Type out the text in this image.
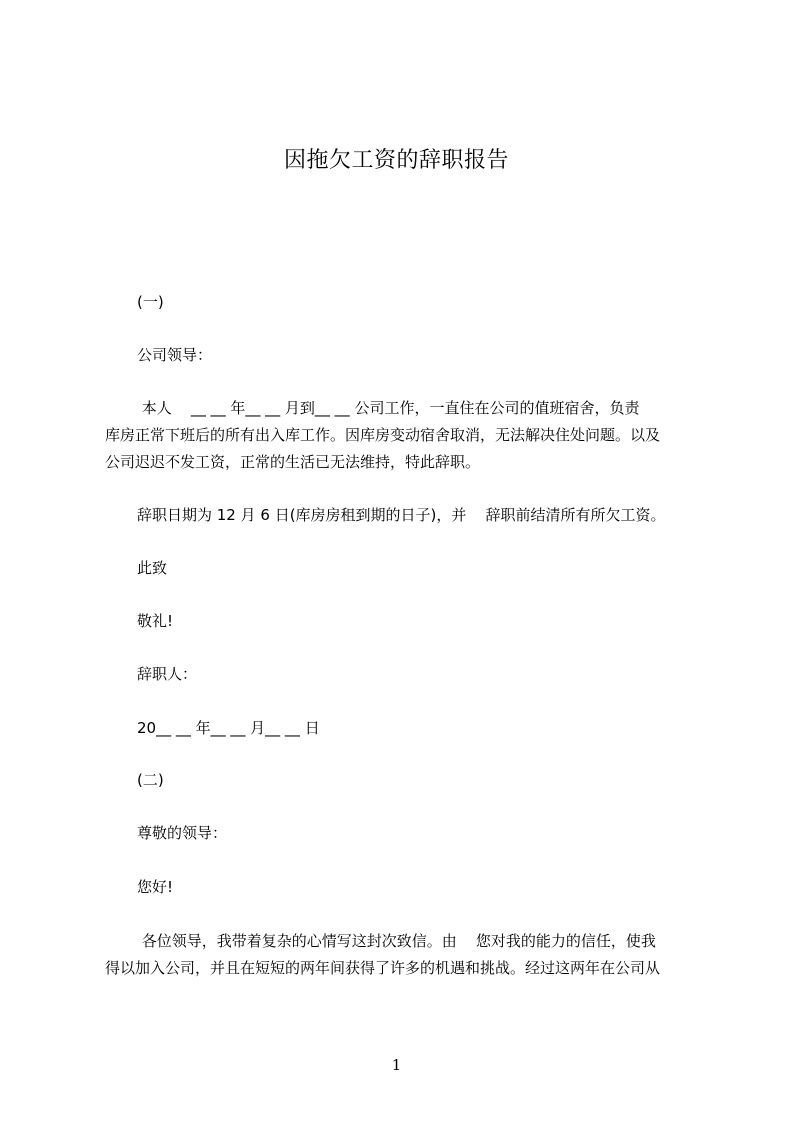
因拖欠工资的辞职报告
(一)
公司领导：
本人    __ __ 年__ __ 月到__ __ 公司工作，一直住在公司的值班宿舍，负责
库房正常下班后的所有出入库工作。因库房变动宿舍取消，无法解决住处问题。以及
公司迟迟不发工资，正常的生活已无法维持，特此辞职。
辞职日期为 12 月 6 日(库房房租到期的日子)，并    辞职前结清所有所欠工资。
此致
敬礼!
辞职人：
20__ __ 年__ __ 月__ __ 日
(二)
尊敬的领导：
您好!
各位领导，我带着复杂的心情写这封次致信。由    您对我的能力的信任，使我
得以加入公司，并且在短短的两年间获得了许多的机遇和挑战。经过这两年在公司从
1
